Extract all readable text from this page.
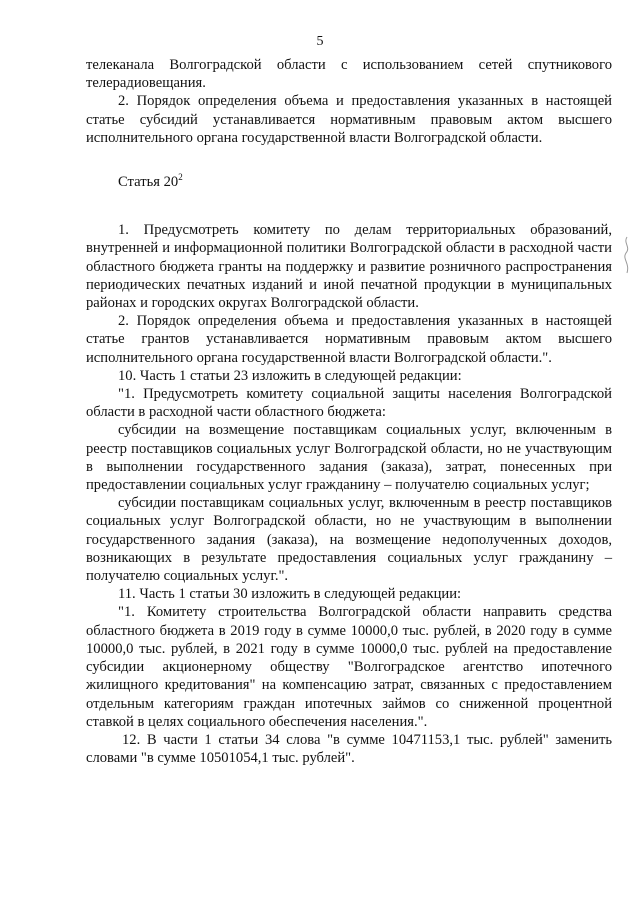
5

телеканала Волгоградской области с использованием сетей спутникового телерадиовещания.

2. Порядок определения объема и предоставления указанных в настоящей статье субсидий устанавливается нормативным правовым актом высшего исполнительного органа государственной власти Волгоградской области.

Статья $20^2$

1. Предусмотреть комитету по делам территориальных образований, внутренней и информационной политики Волгоградской области в расходной части областного бюджета гранты на поддержку и развитие розничного распространения периодических печатных изданий и иной печатной продукции в муниципальных районах и городских округах Волгоградской области.

2. Порядок определения объема и предоставления указанных в настоящей статье грантов устанавливается нормативным правовым актом высшего исполнительного органа государственной власти Волгоградской области.".

10. Часть 1 статьи 23 изложить в следующей редакции:

"1. Предусмотреть комитету социальной защиты населения Волгоградской области в расходной части областного бюджета:

субсидии на возмещение поставщикам социальных услуг, включенным в реестр поставщиков социальных услуг Волгоградской области, но не участвующим в выполнении государственного задания (заказа), затрат, понесенных при предоставлении социальных услуг гражданину – получателю социальных услуг;

субсидии поставщикам социальных услуг, включенным в реестр поставщиков социальных услуг Волгоградской области, но не участвующим в выполнении государственного задания (заказа), на возмещение недополученных доходов, возникающих в результате предоставления социальных услуг гражданину – получателю социальных услуг.".

11. Часть 1 статьи 30 изложить в следующей редакции:

"1. Комитету строительства Волгоградской области направить средства областного бюджета в 2019 году в сумме 10000,0 тыс. рублей, в 2020 году в сумме 10000,0 тыс. рублей, в 2021 году в сумме 10000,0 тыс. рублей на предоставление субсидии акционерному обществу "Волгоградское агентство ипотечного жилищного кредитования" на компенсацию затрат, связанных с предоставлением отдельным категориям граждан ипотечных займов со сниженной процентной ставкой в целях социального обеспечения населения.".

12. В части 1 статьи 34 слова "в сумме 10471153,1 тыс. рублей" заменить словами "в сумме 10501054,1 тыс. рублей".
